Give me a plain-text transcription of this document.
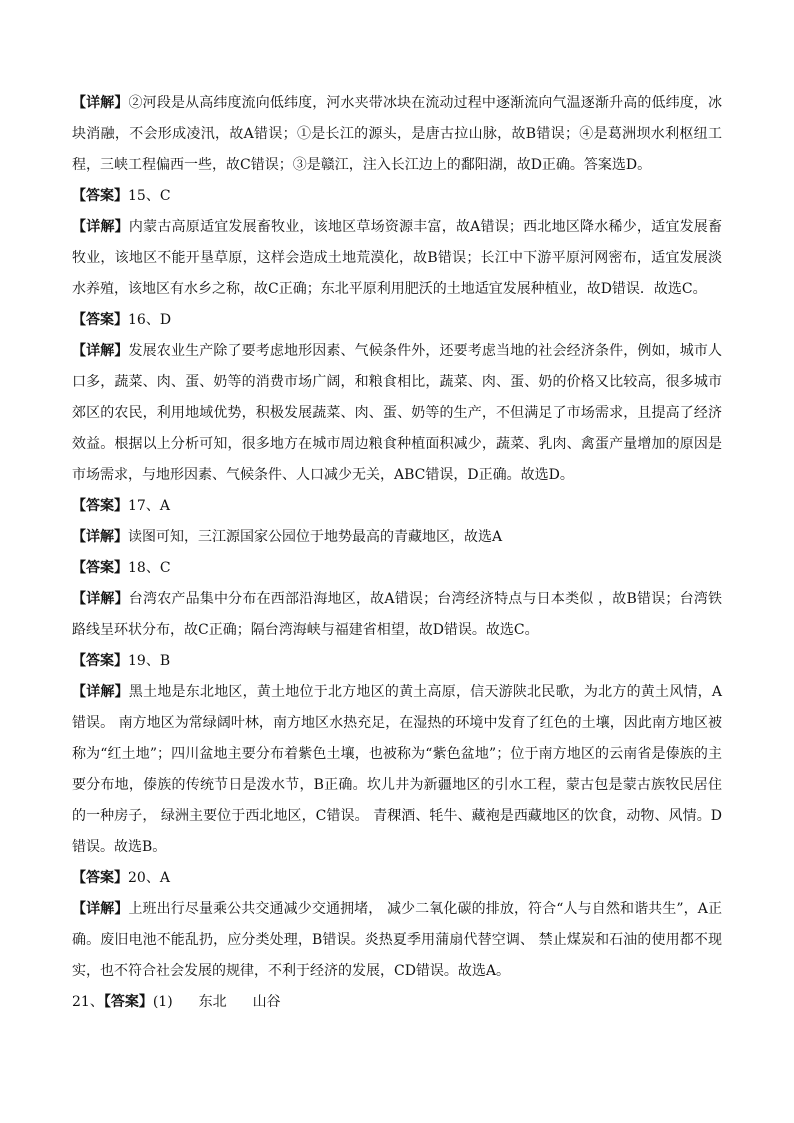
【详解】②河段是从高纬度流向低纬度，河水夹带冰块在流动过程中逐渐流向气温逐渐升高的低纬度，冰块消融，不会形成凌汛，故A错误；①是长江的源头，是唐古拉山脉，故B错误；④是葛洲坝水利枢纽工程，三峡工程偏西一些，故C错误；③是赣江，注入长江边上的鄱阳湖，故D正确。答案选D。

【答案】15、C

【详解】内蒙古高原适宜发展畜牧业，该地区草场资源丰富，故A错误；西北地区降水稀少，适宜发展畜牧业，该地区不能开垦草原，这样会造成土地荒漠化，故B错误；长江中下游平原河网密布，适宜发展淡水养殖，该地区有水乡之称，故C正确；东北平原利用肥沃的土地适宜发展种植业，故D错误．故选C。

【答案】16、D

【详解】发展农业生产除了要考虑地形因素、气候条件外，还要考虑当地的社会经济条件，例如，城市人口多，蔬菜、肉、蛋、奶等的消费市场广阔，和粮食相比，蔬菜、肉、蛋、奶的价格又比较高，很多城市郊区的农民，利用地域优势，积极发展蔬菜、肉、蛋、奶等的生产，不但满足了市场需求，且提高了经济效益。根据以上分析可知，很多地方在城市周边粮食种植面积减少，蔬菜、乳肉、禽蛋产量增加的原因是市场需求，与地形因素、气候条件、人口减少无关，ABC错误，D正确。故选D。

【答案】17、A

【详解】读图可知，三江源国家公园位于地势最高的青藏地区，故选A

【答案】18、C

【详解】台湾农产品集中分布在西部沿海地区，故A错误；台湾经济特点与日本类似 ，故B错误；台湾铁路线呈环状分布，故C正确；隔台湾海峡与福建省相望，故D错误。故选C。

【答案】19、B

【详解】黑土地是东北地区，黄土地位于北方地区的黄土高原，信天游陕北民歌，为北方的黄土风情，A错误。 南方地区为常绿阔叶林，南方地区水热充足，在湿热的环境中发育了红色的土壤，因此南方地区被称为“红土地”；四川盆地主要分布着紫色土壤，也被称为“紫色盆地”；位于南方地区的云南省是傣族的主要分布地，傣族的传统节日是泼水节，B正确。坎儿井为新疆地区的引水工程，蒙古包是蒙古族牧民居住的一种房子， 绿洲主要位于西北地区，C错误。 青稞酒、牦牛、藏袍是西藏地区的饮食，动物、风情。D错误。故选B。

【答案】20、A

【详解】上班出行尽量乘公共交通减少交通拥堵， 减少二氧化碳的排放，符合“人与自然和谐共生”，A正确。废旧电池不能乱扔，应分类处理，B错误。炎热夏季用蒲扇代替空调、 禁止煤炭和石油的使用都不现实，也不符合社会发展的规律，不利于经济的发展，CD错误。故选A。

21、【答案】(1) 东北 山谷
